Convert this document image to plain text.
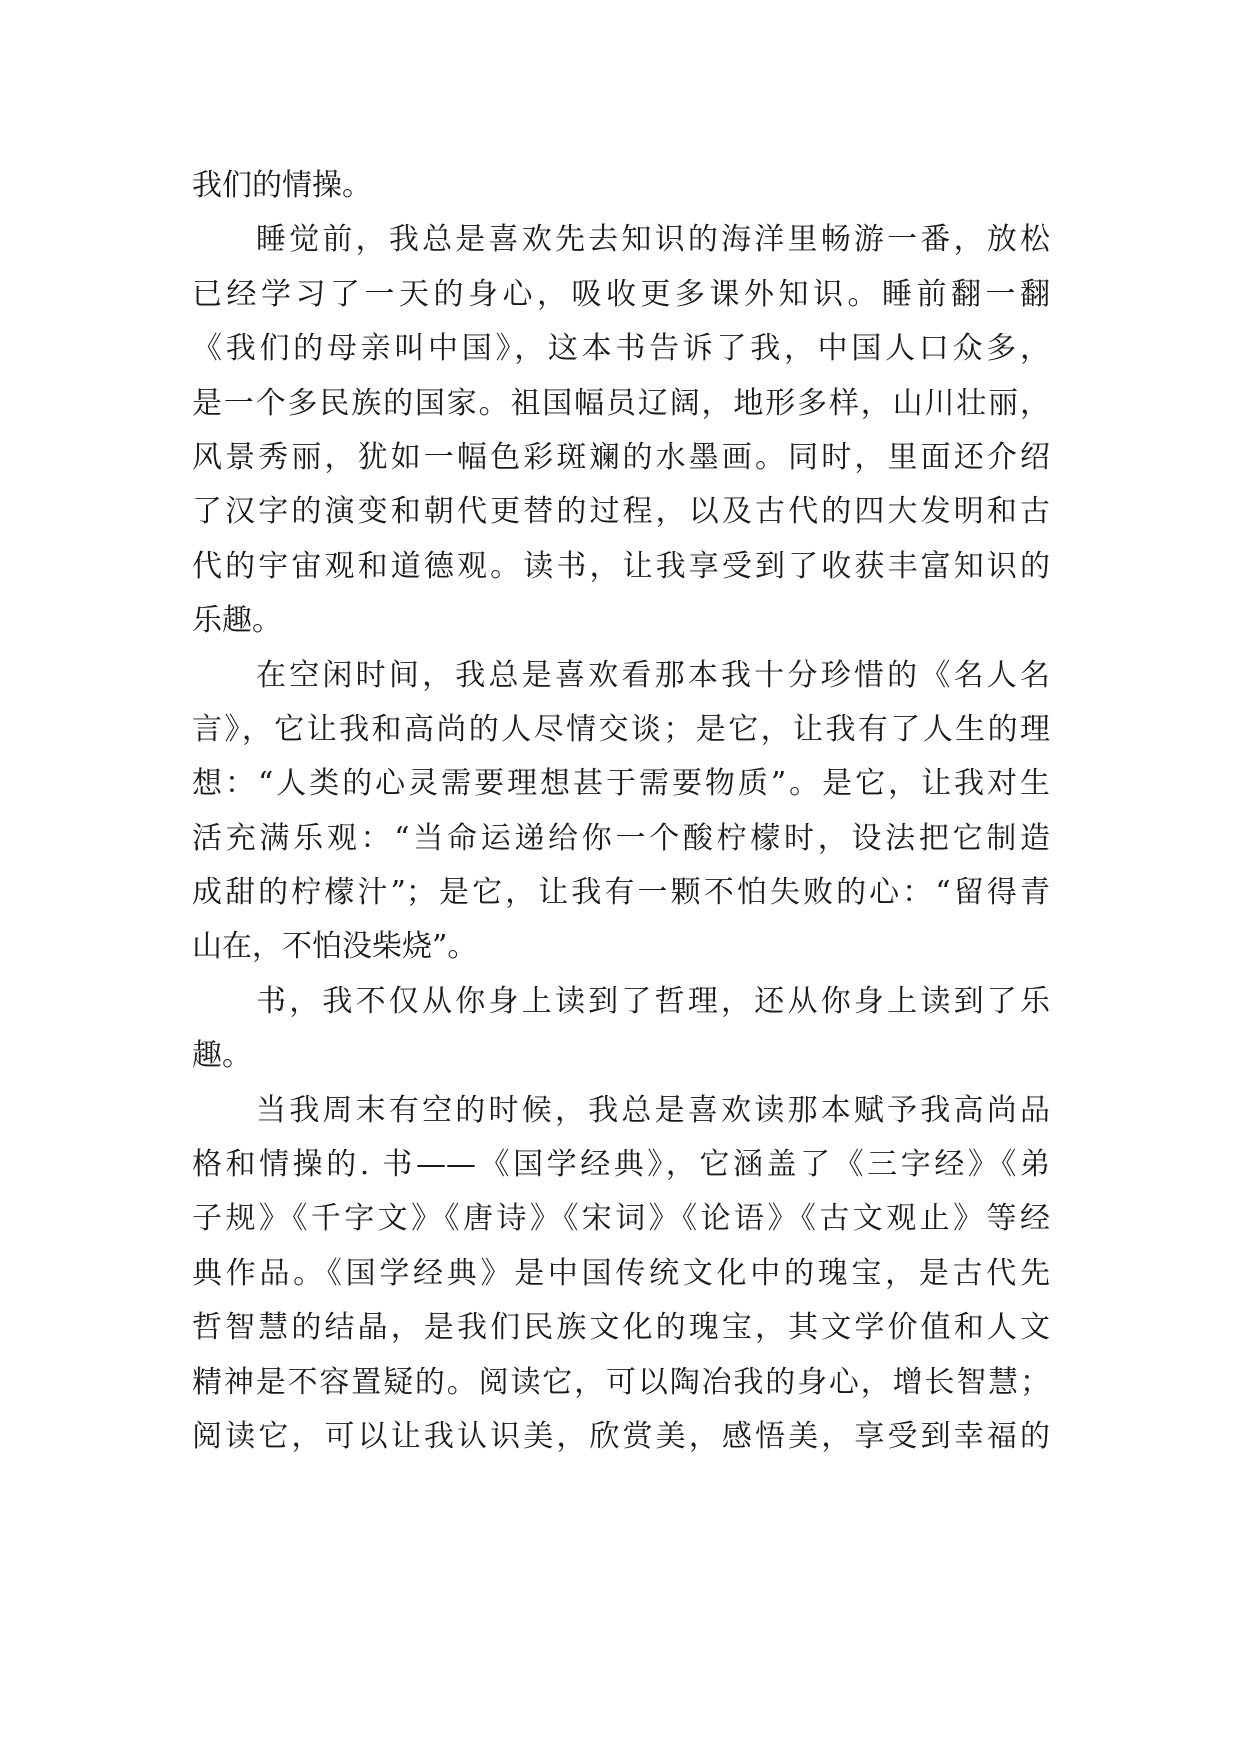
我们的情操。
睡觉前，我总是喜欢先去知识的海洋里畅游一番，放松
已经学习了一天的身心，吸收更多课外知识。睡前翻一翻
《我们的母亲叫中国》，这本书告诉了我，中国人口众多，
是一个多民族的国家。祖国幅员辽阔，地形多样，山川壮丽，
风景秀丽，犹如一幅色彩斑斓的水墨画。同时，里面还介绍
了汉字的演变和朝代更替的过程，以及古代的四大发明和古
代的宇宙观和道德观。读书，让我享受到了收获丰富知识的
乐趣。
在空闲时间，我总是喜欢看那本我十分珍惜的《名人名
言》，它让我和高尚的人尽情交谈；是它，让我有了人生的理
想：“人类的心灵需要理想甚于需要物质”。是它，让我对生
活充满乐观：“当命运递给你一个酸柠檬时，设法把它制造
成甜的柠檬汁”；是它，让我有一颗不怕失败的心：“留得青
山在，不怕没柴烧”。
书，我不仅从你身上读到了哲理，还从你身上读到了乐
趣。
当我周末有空的时候，我总是喜欢读那本赋予我高尚品
格和情操的. 书——《国学经典》，它涵盖了《三字经》《弟
子规》《千字文》《唐诗》《宋词》《论语》《古文观止》等经
典作品。《国学经典》是中国传统文化中的瑰宝，是古代先
哲智慧的结晶，是我们民族文化的瑰宝，其文学价值和人文
精神是不容置疑的。阅读它，可以陶冶我的身心，增长智慧；
阅读它，可以让我认识美，欣赏美，感悟美，享受到幸福的
